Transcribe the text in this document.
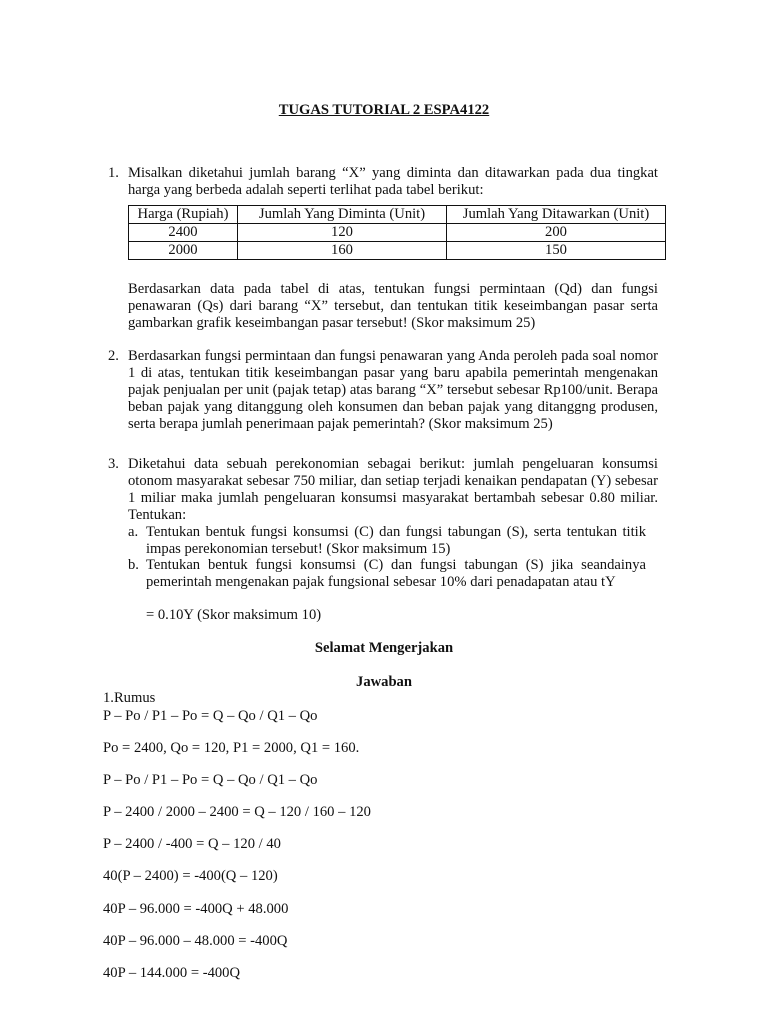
TUGAS TUTORIAL 2 ESPA4122
1. Misalkan diketahui jumlah barang “X” yang diminta dan ditawarkan pada dua tingkat harga yang berbeda adalah seperti terlihat pada tabel berikut:
Harga (Rupiah)	Jumlah Yang Diminta (Unit)	Jumlah Yang Ditawarkan (Unit)
2400	120	200
2000	160	150
Berdasarkan data pada tabel di atas, tentukan fungsi permintaan (Qd) dan fungsi penawaran (Qs) dari barang “X” tersebut, dan tentukan titik keseimbangan pasar serta gambarkan grafik keseimbangan pasar tersebut! (Skor maksimum 25)
2. Berdasarkan fungsi permintaan dan fungsi penawaran yang Anda peroleh pada soal nomor 1 di atas, tentukan titik keseimbangan pasar yang baru apabila pemerintah mengenakan pajak penjualan per unit (pajak tetap) atas barang “X” tersebut sebesar Rp100/unit. Berapa beban pajak yang ditanggung oleh konsumen dan beban pajak yang ditanggng produsen, serta berapa jumlah penerimaan pajak pemerintah? (Skor maksimum 25)
3. Diketahui data sebuah perekonomian sebagai berikut: jumlah pengeluaran konsumsi otonom masyarakat sebesar 750 miliar, dan setiap terjadi kenaikan pendapatan (Y) sebesar 1 miliar maka jumlah pengeluaran konsumsi masyarakat bertambah sebesar 0.80 miliar. Tentukan:
a. Tentukan bentuk fungsi konsumsi (C) dan fungsi tabungan (S), serta tentukan titik impas perekonomian tersebut! (Skor maksimum 15)
b. Tentukan bentuk fungsi konsumsi (C) dan fungsi tabungan (S) jika seandainya pemerintah mengenakan pajak fungsional sebesar 10% dari penadapatan atau tY
= 0.10Y (Skor maksimum 10)
Selamat Mengerjakan
Jawaban
1.Rumus
P – Po / P1 – Po = Q – Qo / Q1 – Qo
Po = 2400, Qo = 120, P1 = 2000, Q1 = 160.
P – Po / P1 – Po = Q – Qo / Q1 – Qo
P – 2400 / 2000 – 2400 = Q – 120 / 160 – 120
P – 2400 / -400 = Q – 120 / 40
40(P – 2400) = -400(Q – 120)
40P – 96.000 = -400Q + 48.000
40P – 96.000 – 48.000 = -400Q
40P – 144.000 = -400Q
